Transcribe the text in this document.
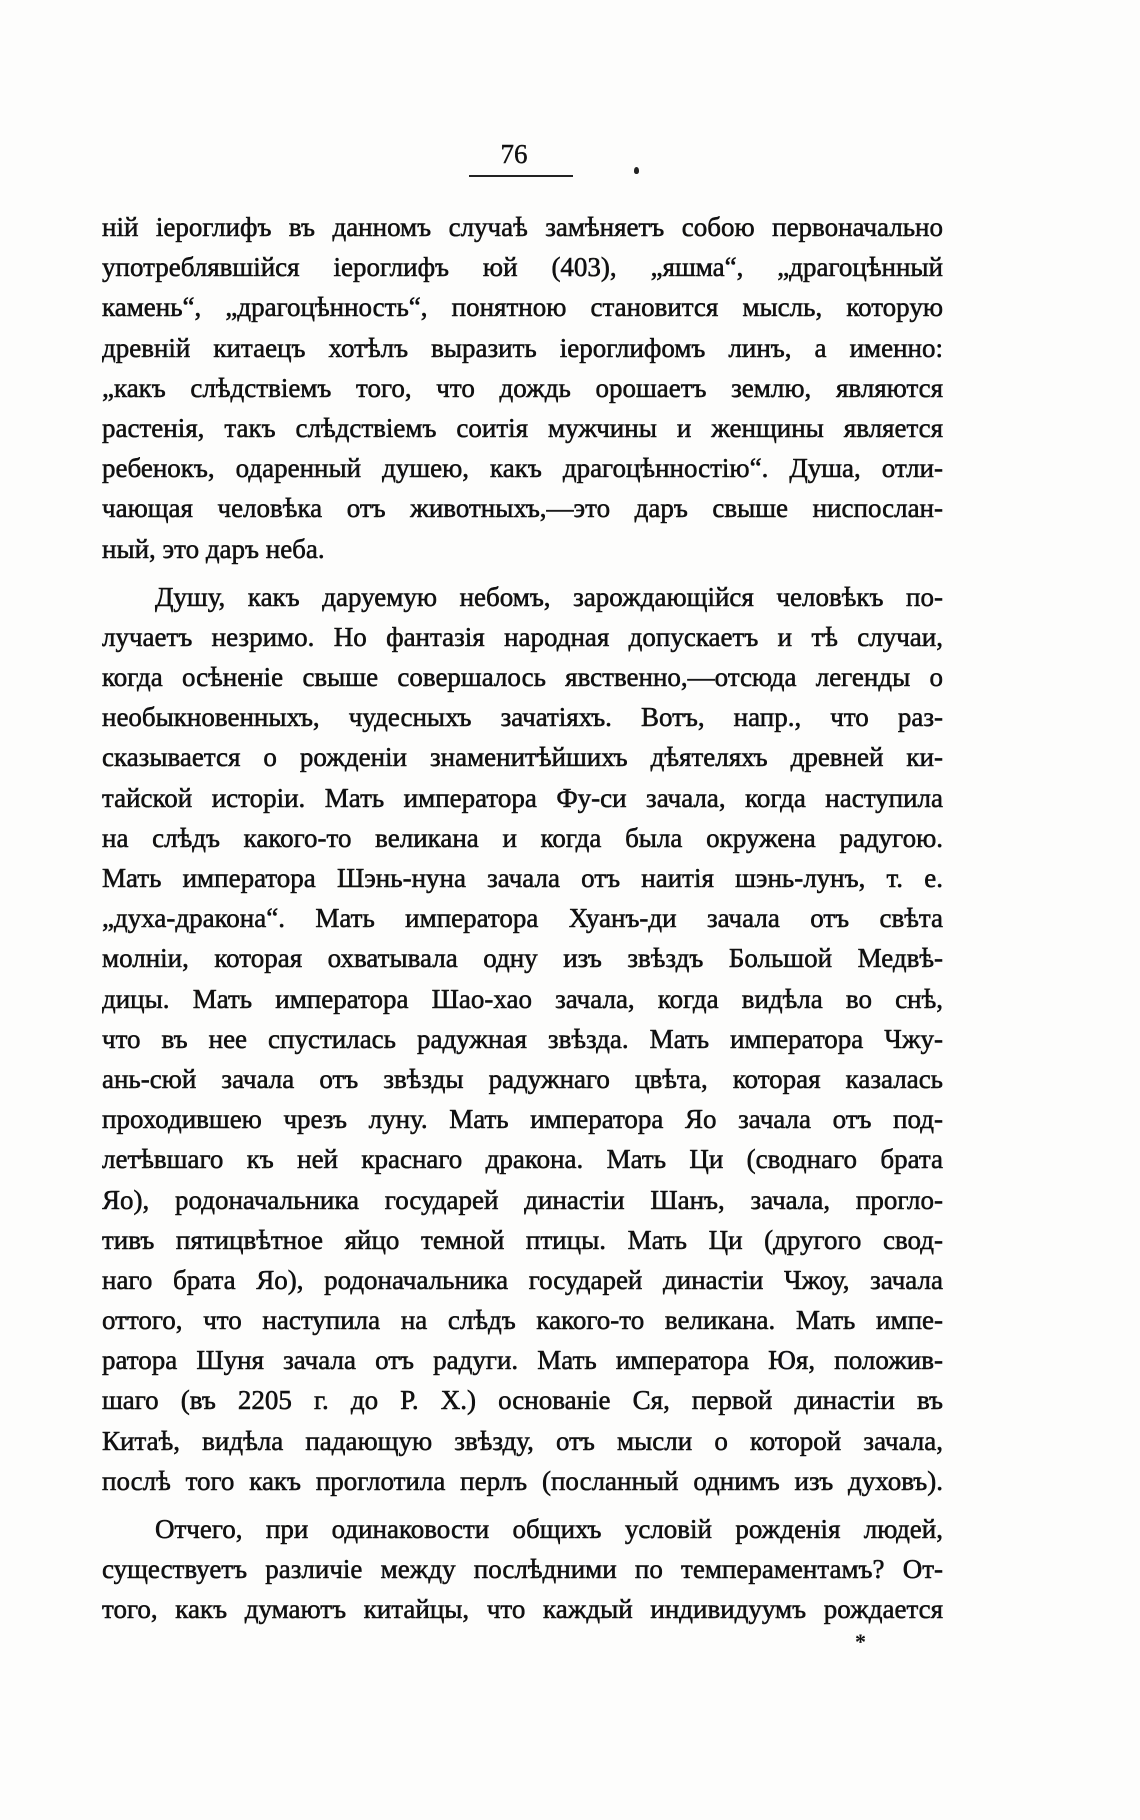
76
ній іероглифъ въ данномъ случаѣ замѣняетъ собою первоначально
употреблявшійся іероглифъ юй (403), „яшма“, „драгоцѣнный
камень“, „драгоцѣнность“, понятною становится мысль, которую
древній китаецъ хотѣлъ выразить іероглифомъ линъ, а именно:
„какъ слѣдствіемъ того, что дождь орошаетъ землю, являются
растенія, такъ слѣдствіемъ соитія мужчины и женщины является
ребенокъ, одаренный душею, какъ драгоцѣнностію“. Душа, отли-
чающая человѣка отъ животныхъ,—это даръ свыше ниспослан-
ный, это даръ неба.
Душу, какъ даруемую небомъ, зарождающійся человѣкъ по-
лучаетъ незримо. Но фантазія народная допускаетъ и тѣ случаи,
когда осѣненіе свыше совершалось явственно,—отсюда легенды о
необыкновенныхъ, чудесныхъ зачатіяхъ. Вотъ, напр., что раз-
сказывается о рожденіи знаменитѣйшихъ дѣятеляхъ древней ки-
тайской исторіи. Мать императора Фу-си зачала, когда наступила
на слѣдъ какого-то великана и когда была окружена радугою.
Мать императора Шэнь-нуна зачала отъ наитія шэнь-лунъ, т. е.
„духа-дракона“. Мать императора Хуанъ-ди зачала отъ свѣта
молніи, которая охватывала одну изъ звѣздъ Большой Медвѣ-
дицы. Мать императора Шао-хао зачала, когда видѣла во снѣ,
что въ нее спустилась радужная звѣзда. Мать императора Чжу-
ань-сюй зачала отъ звѣзды радужнаго цвѣта, которая казалась
проходившею чрезъ луну. Мать императора Яо зачала отъ под-
летѣвшаго къ ней краснаго дракона. Мать Ци (своднаго брата
Яо), родоначальника государей династіи Шанъ, зачала, прогло-
тивъ пятицвѣтное яйцо темной птицы. Мать Ци (другого свод-
наго брата Яо), родоначальника государей династіи Чжоу, зачала
оттого, что наступила на слѣдъ какого-то великана. Мать импе-
ратора Шуня зачала отъ радуги. Мать императора Юя, положив-
шаго (въ 2205 г. до Р. Х.) основаніе Ся, первой династіи въ
Китаѣ, видѣла падающую звѣзду, отъ мысли о которой зачала,
послѣ того какъ проглотила перлъ (посланный однимъ изъ духовъ).
Отчего, при одинаковости общихъ условій рожденія людей,
существуетъ различіе между послѣдними по темпераментамъ? От-
того, какъ думаютъ китайцы, что каждый индивидуумъ рождается
*
